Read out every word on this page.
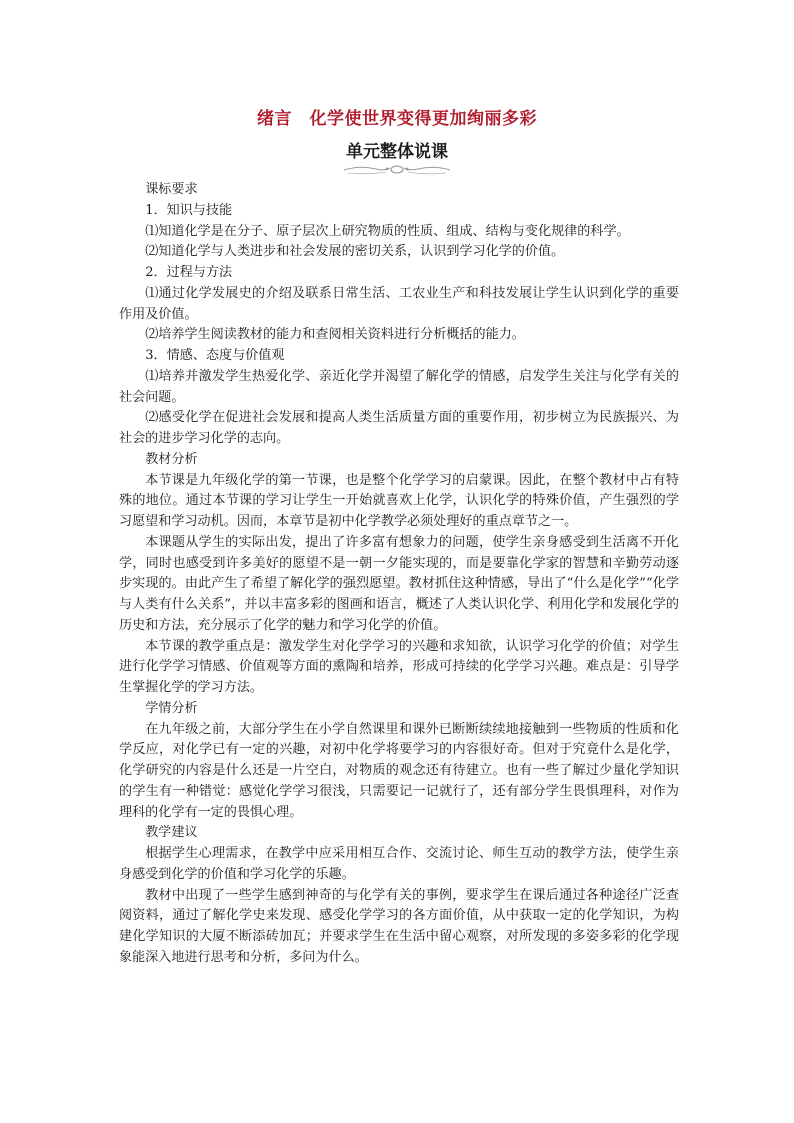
绪言　化学使世界变得更加绚丽多彩
单元整体说课

课标要求

1．知识与技能

⑴知道化学是在分子、原子层次上研究物质的性质、组成、结构与变化规律的科学。

⑵知道化学与人类进步和社会发展的密切关系，认识到学习化学的价值。

2．过程与方法

⑴通过化学发展史的介绍及联系日常生活、工农业生产和科技发展让学生认识到化学的重要作用及价值。

⑵培养学生阅读教材的能力和查阅相关资料进行分析概括的能力。

3．情感、态度与价值观

⑴培养并激发学生热爱化学、亲近化学并渴望了解化学的情感，启发学生关注与化学有关的社会问题。

⑵感受化学在促进社会发展和提高人类生活质量方面的重要作用，初步树立为民族振兴、为社会的进步学习化学的志向。

教材分析

本节课是九年级化学的第一节课，也是整个化学学习的启蒙课。因此，在整个教材中占有特殊的地位。通过本节课的学习让学生一开始就喜欢上化学，认识化学的特殊价值，产生强烈的学习愿望和学习动机。因而，本章节是初中化学教学必须处理好的重点章节之一。

本课题从学生的实际出发，提出了许多富有想象力的问题，使学生亲身感受到生活离不开化学，同时也感受到许多美好的愿望不是一朝一夕能实现的，而是要靠化学家的智慧和辛勤劳动逐步实现的。由此产生了希望了解化学的强烈愿望。教材抓住这种情感，导出了“什么是化学”“化学与人类有什么关系”，并以丰富多彩的图画和语言，概述了人类认识化学、利用化学和发展化学的历史和方法，充分展示了化学的魅力和学习化学的价值。

本节课的教学重点是：激发学生对化学学习的兴趣和求知欲，认识学习化学的价值；对学生进行化学学习情感、价值观等方面的熏陶和培养，形成可持续的化学学习兴趣。难点是：引导学生掌握化学的学习方法。

学情分析

在九年级之前，大部分学生在小学自然课里和课外已断断续续地接触到一些物质的性质和化学反应，对化学已有一定的兴趣，对初中化学将要学习的内容很好奇。但对于究竟什么是化学，化学研究的内容是什么还是一片空白，对物质的观念还有待建立。也有一些了解过少量化学知识的学生有一种错觉：感觉化学学习很浅，只需要记一记就行了，还有部分学生畏惧理科，对作为理科的化学有一定的畏惧心理。

教学建议

根据学生心理需求，在教学中应采用相互合作、交流讨论、师生互动的教学方法，使学生亲身感受到化学的价值和学习化学的乐趣。

教材中出现了一些学生感到神奇的与化学有关的事例，要求学生在课后通过各种途径广泛查阅资料，通过了解化学史来发现、感受化学学习的各方面价值，从中获取一定的化学知识，为构建化学知识的大厦不断添砖加瓦；并要求学生在生活中留心观察，对所发现的多姿多彩的化学现象能深入地进行思考和分析，多问为什么。
